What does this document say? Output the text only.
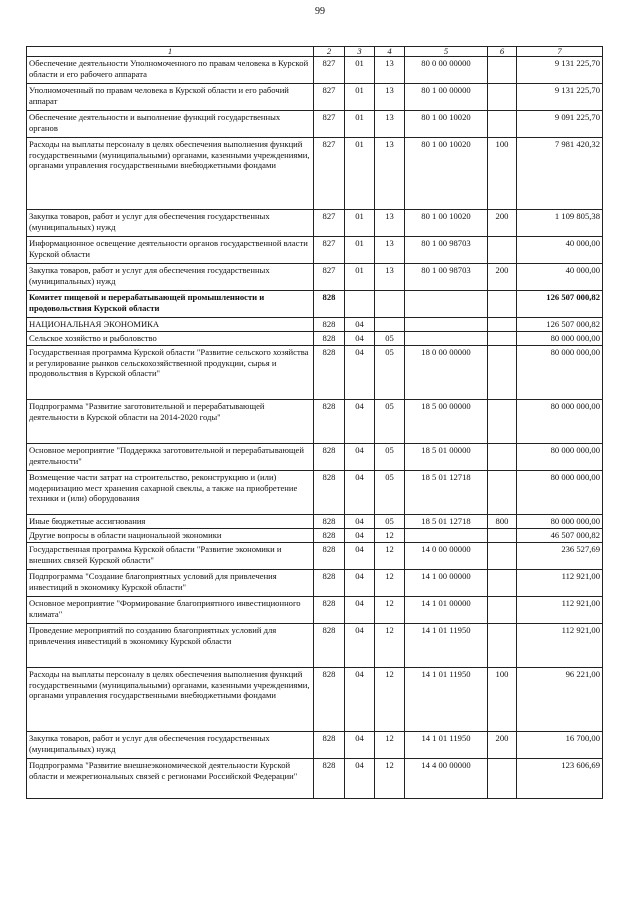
99
1	2	3	4	5	6	7
Обеспечение деятельности Уполномоченного по правам человека в Курской области и его рабочего аппарата	827	01	13	80 0 00 00000		9 131 225,70
Уполномоченный по правам человека в Курской области и его рабочий аппарат	827	01	13	80 1 00 00000		9 131 225,70
Обеспечение деятельности и выполнение функций государственных органов	827	01	13	80 1 00 10020		9 091 225,70
Расходы на выплаты персоналу в целях обеспечения выполнения функций государственными (муниципальными) органами, казенными учреждениями, органами управления государственными внебюджетными фондами	827	01	13	80 1 00 10020	100	7 981 420,32
Закупка товаров, работ и услуг для обеспечения государственных (муниципальных) нужд	827	01	13	80 1 00 10020	200	1 109 805,38
Информационное освещение деятельности органов государственной власти Курской области	827	01	13	80 1 00 98703		40 000,00
Закупка товаров, работ и услуг для обеспечения государственных (муниципальных) нужд	827	01	13	80 1 00 98703	200	40 000,00
Комитет пищевой и перерабатывающей промышленности и продовольствия Курской области	828					126 507 000,82
НАЦИОНАЛЬНАЯ ЭКОНОМИКА	828	04				126 507 000,82
Сельское хозяйство и рыболовство	828	04	05			80 000 000,00
Государственная программа Курской области "Развитие сельского хозяйства и регулирование рынков сельскохозяйственной продукции, сырья и продовольствия в Курской области"	828	04	05	18 0 00 00000		80 000 000,00
Подпрограмма "Развитие заготовительной и перерабатывающей деятельности в Курской области на 2014-2020 годы"	828	04	05	18 5 00 00000		80 000 000,00
Основное мероприятие "Поддержка заготовительной и перерабатывающей деятельности"	828	04	05	18 5 01 00000		80 000 000,00
Возмещение части затрат на строительство, реконструкцию и (или) модернизацию мест хранения сахарной свеклы, а также на приобретение техники и (или) оборудования	828	04	05	18 5 01 12718		80 000 000,00
Иные бюджетные ассигнования	828	04	05	18 5 01 12718	800	80 000 000,00
Другие вопросы в области национальной экономики	828	04	12			46 507 000,82
Государственная программа Курской области "Развитие экономики и внешних связей Курской области"	828	04	12	14 0 00 00000		236 527,69
Подпрограмма "Создание благоприятных условий для привлечения инвестиций в экономику Курской области"	828	04	12	14 1 00 00000		112 921,00
Основное мероприятие "Формирование благоприятного инвестиционного климата"	828	04	12	14 1 01 00000		112 921,00
Проведение мероприятий по созданию благоприятных условий для привлечения инвестиций в экономику Курской области	828	04	12	14 1 01 11950		112 921,00
Расходы на выплаты персоналу в целях обеспечения выполнения функций государственными (муниципальными) органами, казенными учреждениями, органами управления государственными внебюджетными фондами	828	04	12	14 1 01 11950	100	96 221,00
Закупка товаров, работ и услуг для обеспечения государственных (муниципальных) нужд	828	04	12	14 1 01 11950	200	16 700,00
Подпрограмма "Развитие внешнеэкономической деятельности Курской области и межрегиональных связей с регионами Российской Федерации"	828	04	12	14 4 00 00000		123 606,69
